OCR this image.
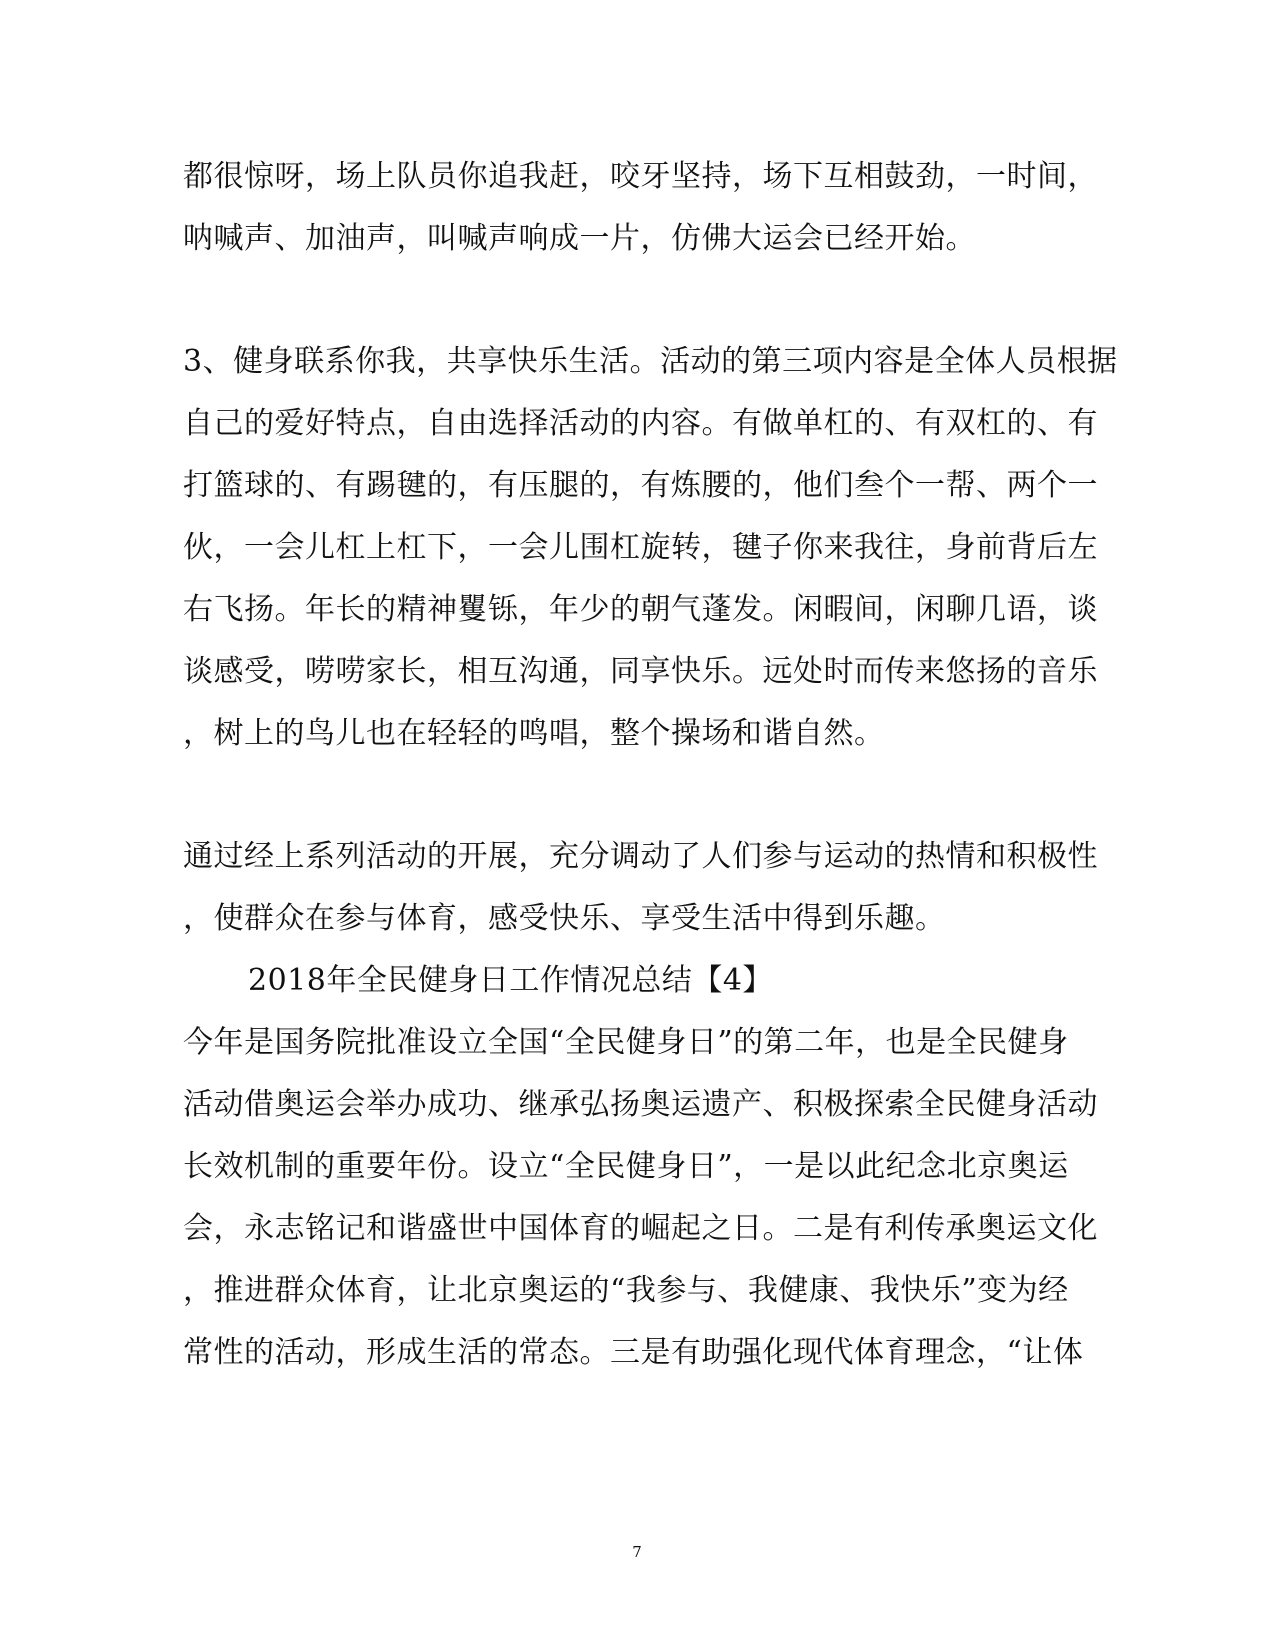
都很惊呀，场上队员你追我赶，咬牙坚持，场下互相鼓劲，一时间，
呐喊声、加油声，叫喊声响成一片，仿佛大运会已经开始。
3、健身联系你我，共享快乐生活。活动的第三项内容是全体人员根据
自己的爱好特点，自由选择活动的内容。有做单杠的、有双杠的、有
打篮球的、有踢毽的，有压腿的，有炼腰的，他们叁个一帮、两个一
伙，一会儿杠上杠下，一会儿围杠旋转，毽子你来我往，身前背后左
右飞扬。年长的精神矍铄，年少的朝气蓬发。闲暇间，闲聊几语，谈
谈感受，唠唠家长，相互沟通，同享快乐。远处时而传来悠扬的音乐
，树上的鸟儿也在轻轻的鸣唱，整个操场和谐自然。
通过经上系列活动的开展，充分调动了人们参与运动的热情和积极性
，使群众在参与体育，感受快乐、享受生活中得到乐趣。
2018年全民健身日工作情况总结【4】
今年是国务院批准设立全国“全民健身日”的第二年，也是全民健身
活动借奥运会举办成功、继承弘扬奥运遗产、积极探索全民健身活动
长效机制的重要年份。设立“全民健身日”，一是以此纪念北京奥运
会，永志铭记和谐盛世中国体育的崛起之日。二是有利传承奥运文化
，推进群众体育，让北京奥运的“我参与、我健康、我快乐”变为经
常性的活动，形成生活的常态。三是有助强化现代体育理念，“让体
7
